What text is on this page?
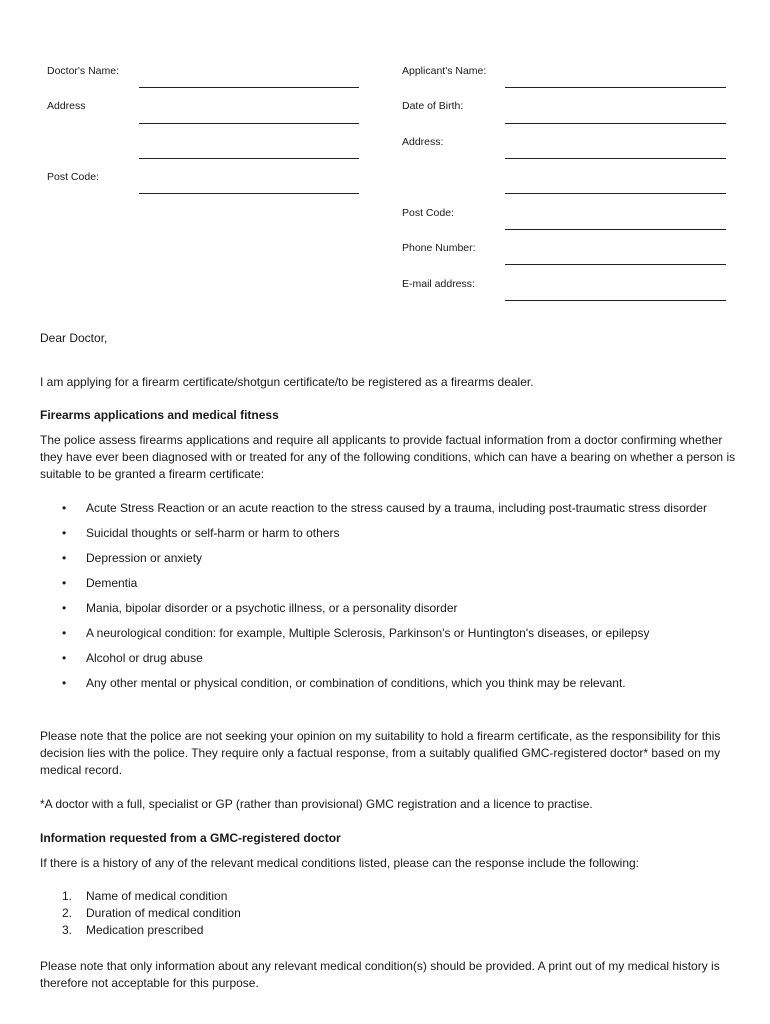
Doctor's Name:
Address
Post Code:
Applicant's Name:
Date of Birth:
Address:
Post Code:
Phone Number:
E-mail address:
Dear Doctor,
I am applying for a firearm certificate/shotgun certificate/to be registered as a firearms dealer.
Firearms applications and medical fitness
The police assess firearms applications and require all applicants to provide factual information from a doctor confirming whether they have ever been diagnosed with or treated for any of the following conditions, which can have a bearing on whether a person is suitable to be granted a firearm certificate:
• Acute Stress Reaction or an acute reaction to the stress caused by a trauma, including post-traumatic stress disorder
• Suicidal thoughts or self-harm or harm to others
• Depression or anxiety
• Dementia
• Mania, bipolar disorder or a psychotic illness, or a personality disorder
• A neurological condition: for example, Multiple Sclerosis, Parkinson's or Huntington's diseases, or epilepsy
• Alcohol or drug abuse
• Any other mental or physical condition, or combination of conditions, which you think may be relevant.
Please note that the police are not seeking your opinion on my suitability to hold a firearm certificate, as the responsibility for this decision lies with the police. They require only a factual response, from a suitably qualified GMC-registered doctor* based on my medical record.
*A doctor with a full, specialist or GP (rather than provisional) GMC registration and a licence to practise.
Information requested from a GMC-registered doctor
If there is a history of any of the relevant medical conditions listed, please can the response include the following:
1. Name of medical condition
2. Duration of medical condition
3. Medication prescribed
Please note that only information about any relevant medical condition(s) should be provided. A print out of my medical history is therefore not acceptable for this purpose.
